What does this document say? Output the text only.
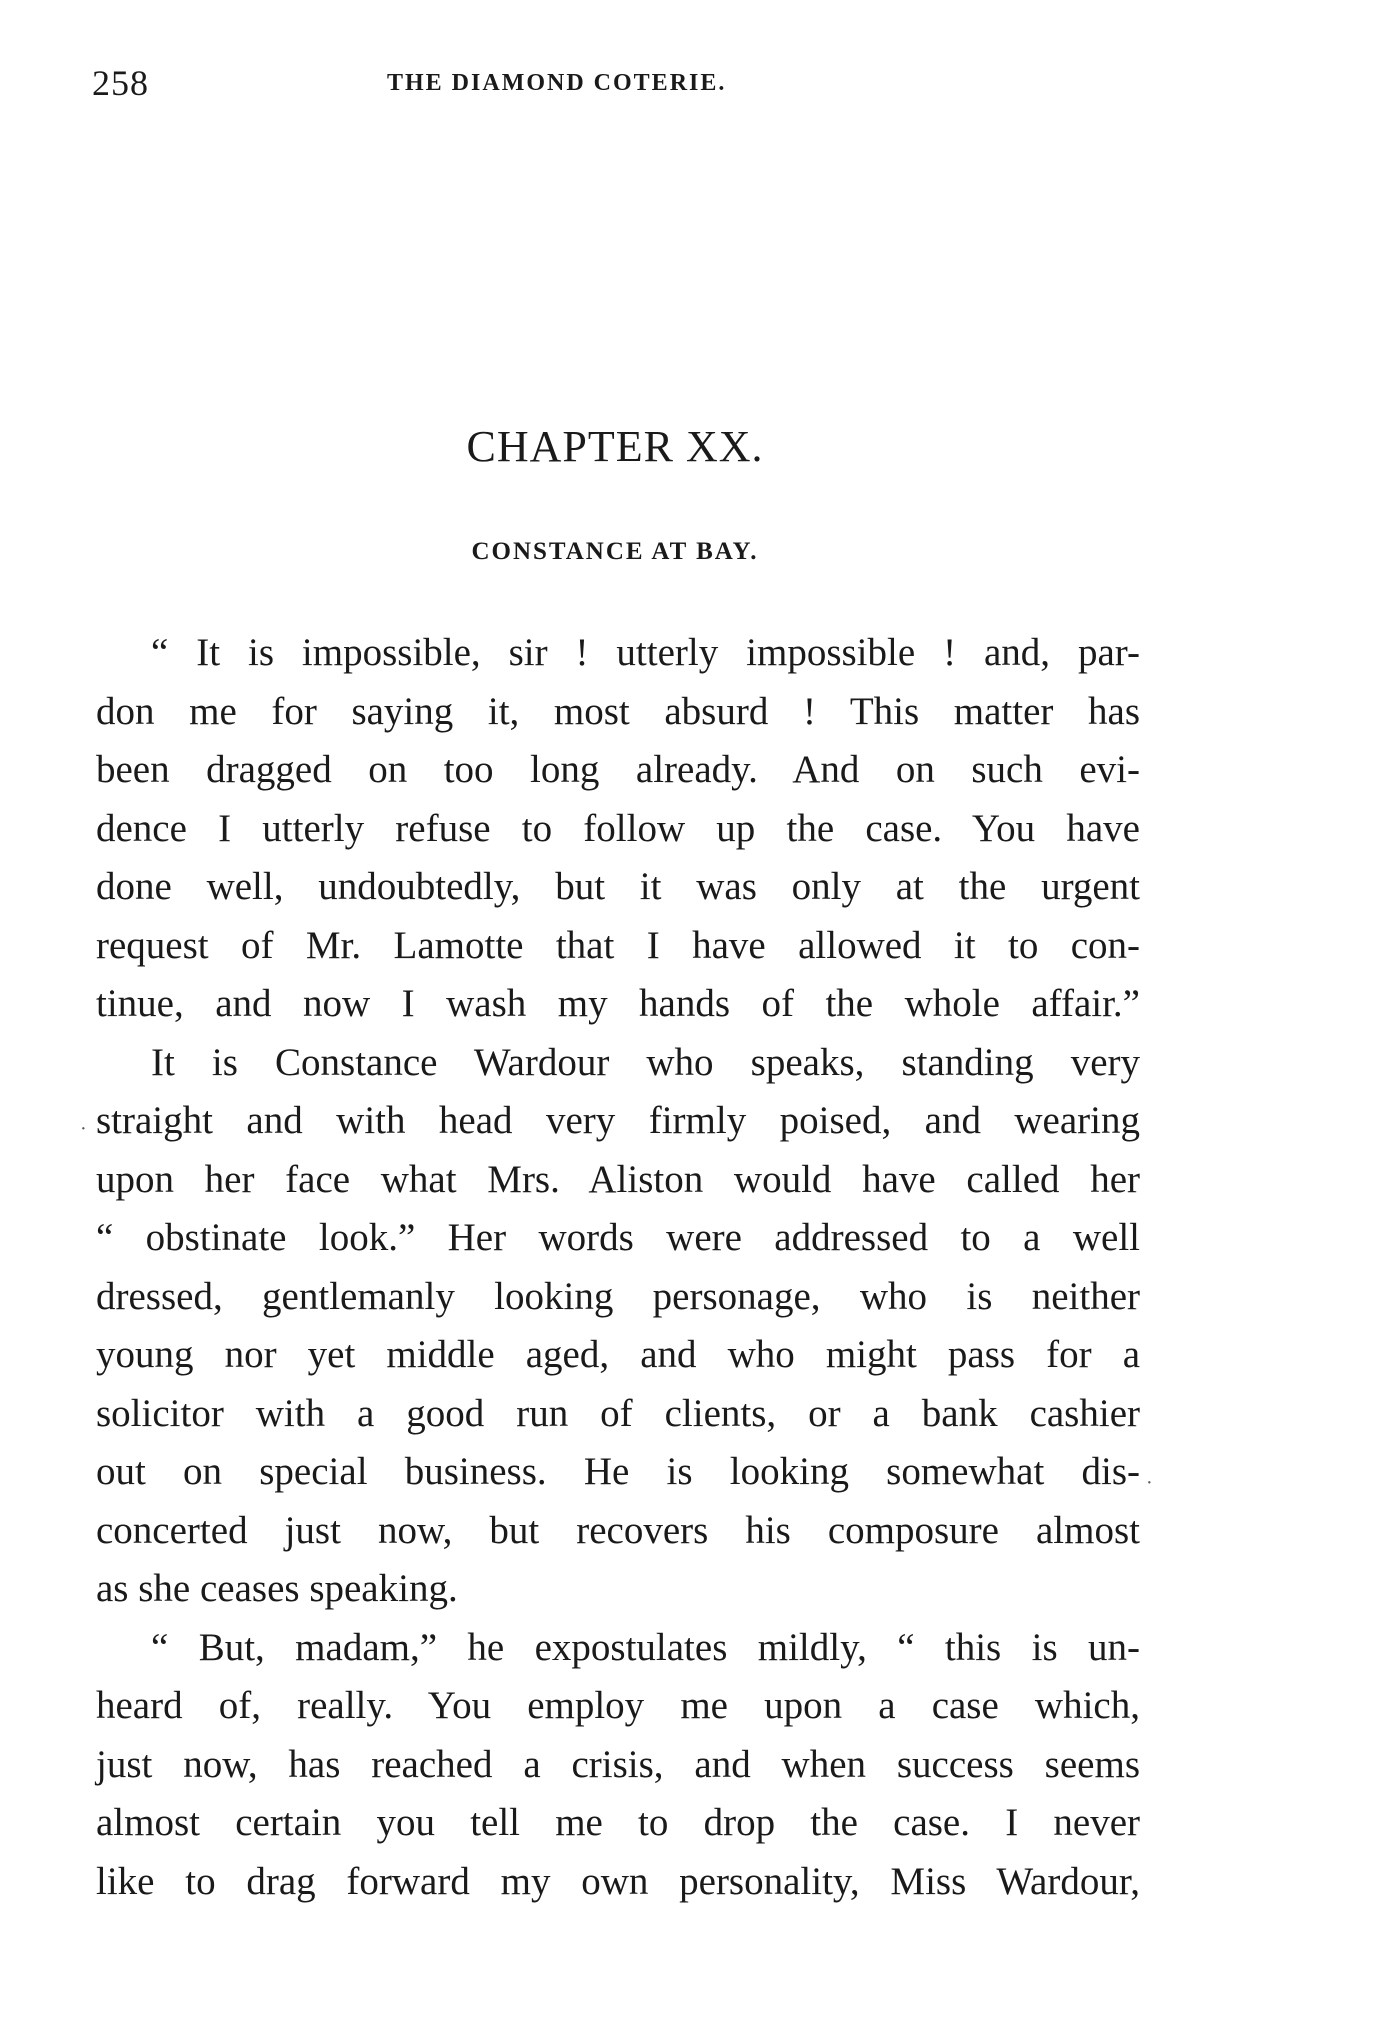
258	THE DIAMOND COTERIE.
CHAPTER XX.
CONSTANCE AT BAY.

“ It is impossible, sir ! utterly impossible ! and, par-
don me for saying it, most absurd ! This matter has
been dragged on too long already. And on such evi-
dence I utterly refuse to follow up the case. You have
done well, undoubtedly, but it was only at the urgent
request of Mr. Lamotte that I have allowed it to con-
tinue, and now I wash my hands of the whole affair.”

It is Constance Wardour who speaks, standing very
straight and with head very firmly poised, and wearing
upon her face what Mrs. Aliston would have called her
“ obstinate look.” Her words were addressed to a well
dressed, gentlemanly looking personage, who is neither
young nor yet middle aged, and who might pass for a
solicitor with a good run of clients, or a bank cashier
out on special business. He is looking somewhat dis-
concerted just now, but recovers his composure almost
as she ceases speaking.

“ But, madam,” he expostulates mildly, “ this is un-
heard of, really. You employ me upon a case which,
just now, has reached a crisis, and when success seems
almost certain you tell me to drop the case. I never
like to drag forward my own personality, Miss Wardour,

·
·
